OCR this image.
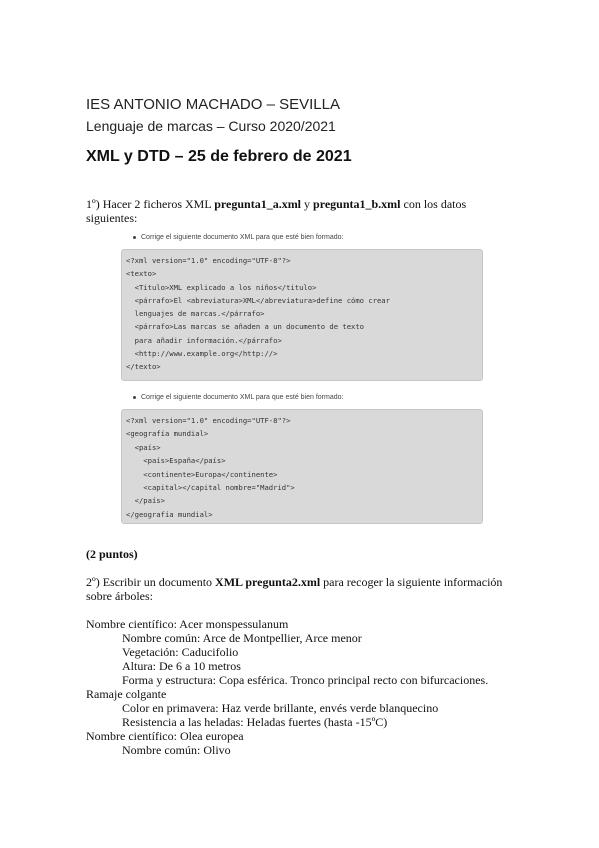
IES ANTONIO MACHADO – SEVILLA
Lenguaje de marcas – Curso 2020/2021
XML y DTD – 25 de febrero de 2021
1º) Hacer 2 ficheros XML pregunta1_a.xml y pregunta1_b.xml con los datos siguientes:
Corrige el siguiente documento XML para que esté bien formado:
<?xml version="1.0" encoding="UTF-8"?>
<texto>
<Titulo>XML explicado a los niños</titulo>
<párrafo>El <abreviatura>XML</abreviatura>define cómo crear
lenguajes de marcas.</párrafo>
<párrafo>Las marcas se añaden a un documento de texto
para añadir información.</párrafo>
<http://www.example.org</http://>
</texto>
Corrige el siguiente documento XML para que esté bien formado:
<?xml version="1.0" encoding="UTF-8"?>
<geografía mundial>
<país>
<país>España</país>
<continente>Europa</continente>
<capital></capital nombre="Madrid">
</país>
</geografía mundial>
(2 puntos)
2º) Escribir un documento XML pregunta2.xml para recoger la siguiente información sobre árboles:
Nombre científico: Acer monspessulanum
Nombre común: Arce de Montpellier, Arce menor
Vegetación: Caducifolio
Altura: De 6 a 10 metros
Forma y estructura: Copa esférica. Tronco principal recto con bifurcaciones.
Ramaje colgante
Color en primavera: Haz verde brillante, envés verde blanquecino
Resistencia a las heladas: Heladas fuertes (hasta -15ºC)
Nombre científico: Olea europea
Nombre común: Olivo
